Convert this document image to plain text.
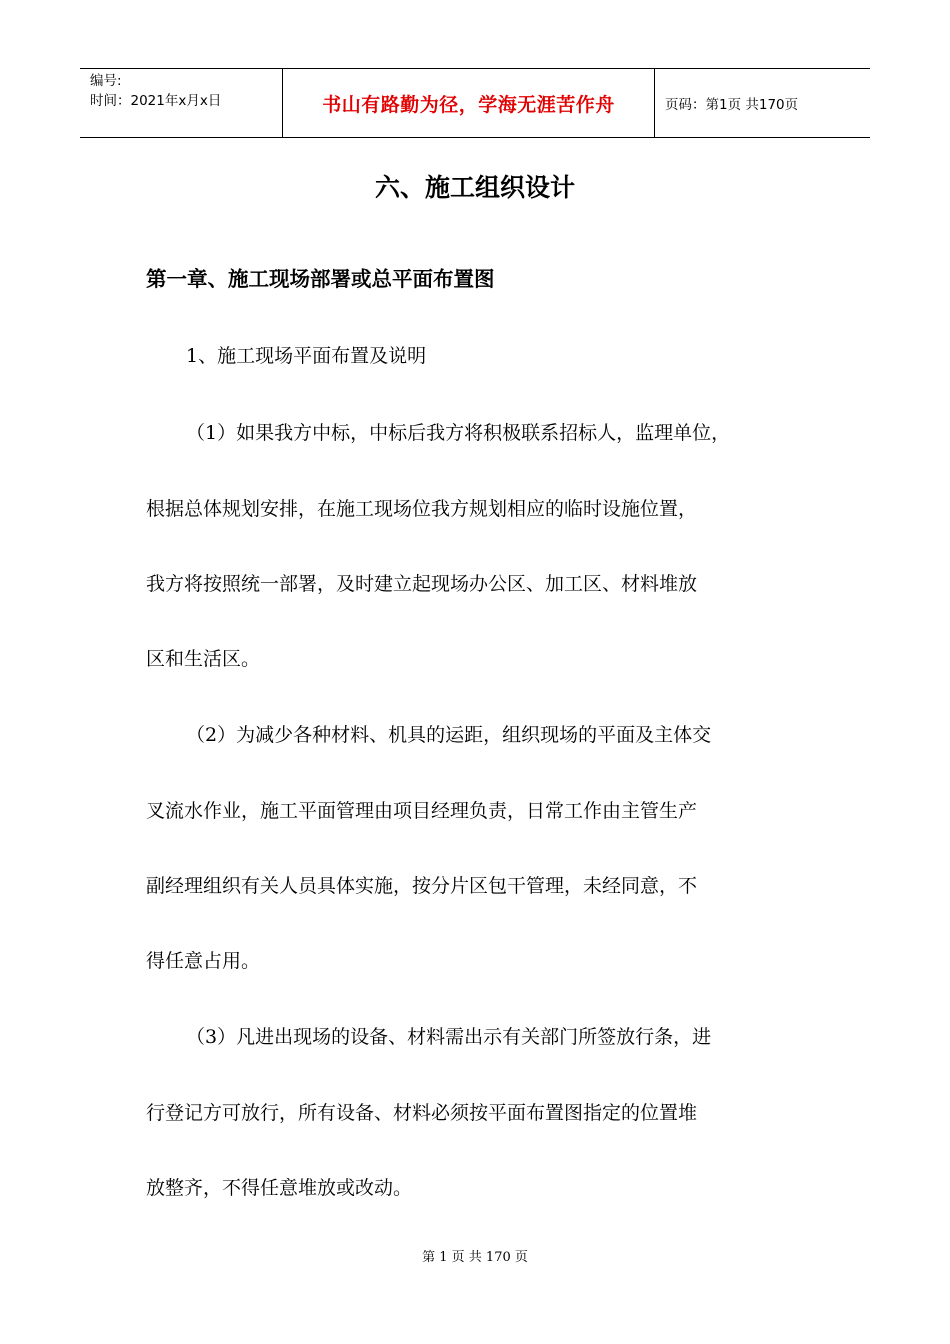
编号:
时间：2021年x月x日	书山有路勤为径，学海无涯苦作舟	页码：第1页 共170页
六、施工组织设计
第一章、施工现场部署或总平面布置图
1、施工现场平面布置及说明
（1）如果我方中标，中标后我方将积极联系招标人，监理单位，
根据总体规划安排，在施工现场位我方规划相应的临时设施位置，
我方将按照统一部署，及时建立起现场办公区、加工区、材料堆放
区和生活区。
（2）为减少各种材料、机具的运距，组织现场的平面及主体交
叉流水作业，施工平面管理由项目经理负责，日常工作由主管生产
副经理组织有关人员具体实施，按分片区包干管理，未经同意，不
得任意占用。
（3）凡进出现场的设备、材料需出示有关部门所签放行条，进
行登记方可放行，所有设备、材料必须按平面布置图指定的位置堆
放整齐，不得任意堆放或改动。
第 1 页 共 170 页
